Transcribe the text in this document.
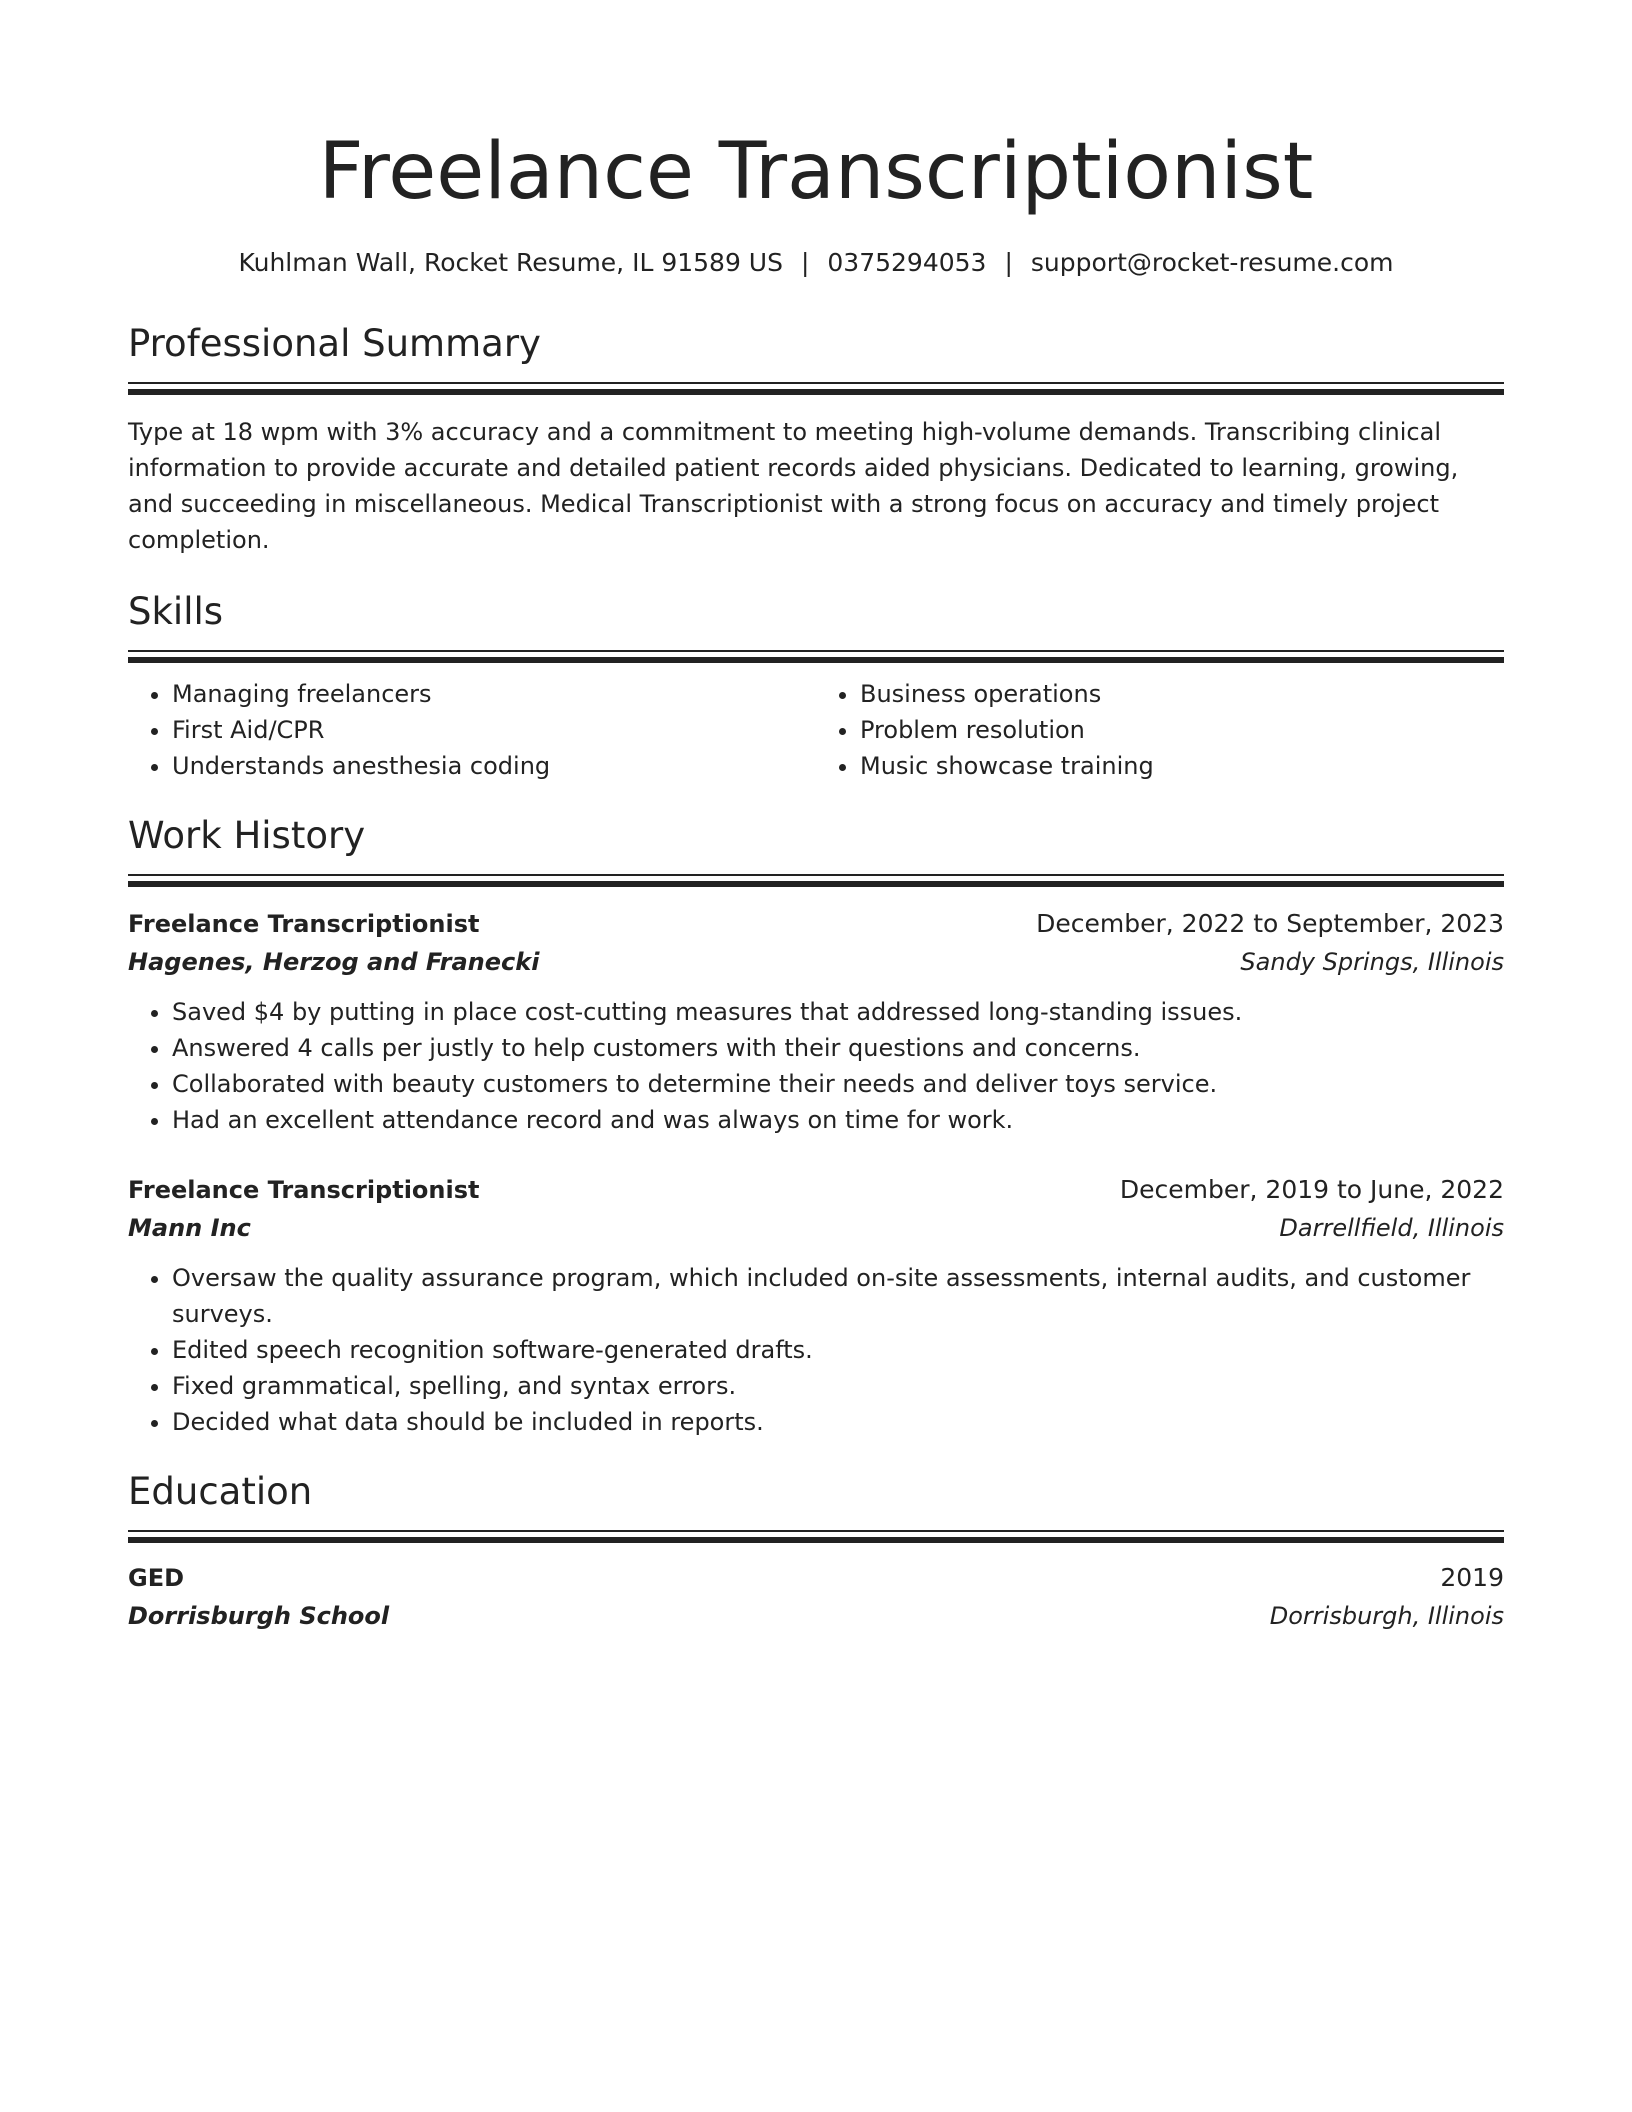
Freelance Transcriptionist
Kuhlman Wall, Rocket Resume, IL 91589 US | 0375294053 | support@rocket-resume.com
Professional Summary

Type at 18 wpm with 3% accuracy and a commitment to meeting high-volume demands. Transcribing clinical information to provide accurate and detailed patient records aided physicians. Dedicated to learning, growing, and succeeding in miscellaneous. Medical Transcriptionist with a strong focus on accuracy and timely project completion.

Skills
• Managing freelancers
• First Aid/CPR
• Understands anesthesia coding
• Business operations
• Problem resolution
• Music showcase training
Work History
Freelance Transcriptionist	December, 2022 to September, 2023
Hagenes, Herzog and Franecki	Sandy Springs, Illinois
• Saved $4 by putting in place cost-cutting measures that addressed long-standing issues.
• Answered 4 calls per justly to help customers with their questions and concerns.
• Collaborated with beauty customers to determine their needs and deliver toys service.
• Had an excellent attendance record and was always on time for work.
Freelance Transcriptionist	December, 2019 to June, 2022
Mann Inc	Darrellfield, Illinois
• Oversaw the quality assurance program, which included on-site assessments, internal audits, and customer surveys.
• Edited speech recognition software-generated drafts.
• Fixed grammatical, spelling, and syntax errors.
• Decided what data should be included in reports.
Education
GED	2019
Dorrisburgh School	Dorrisburgh, Illinois
